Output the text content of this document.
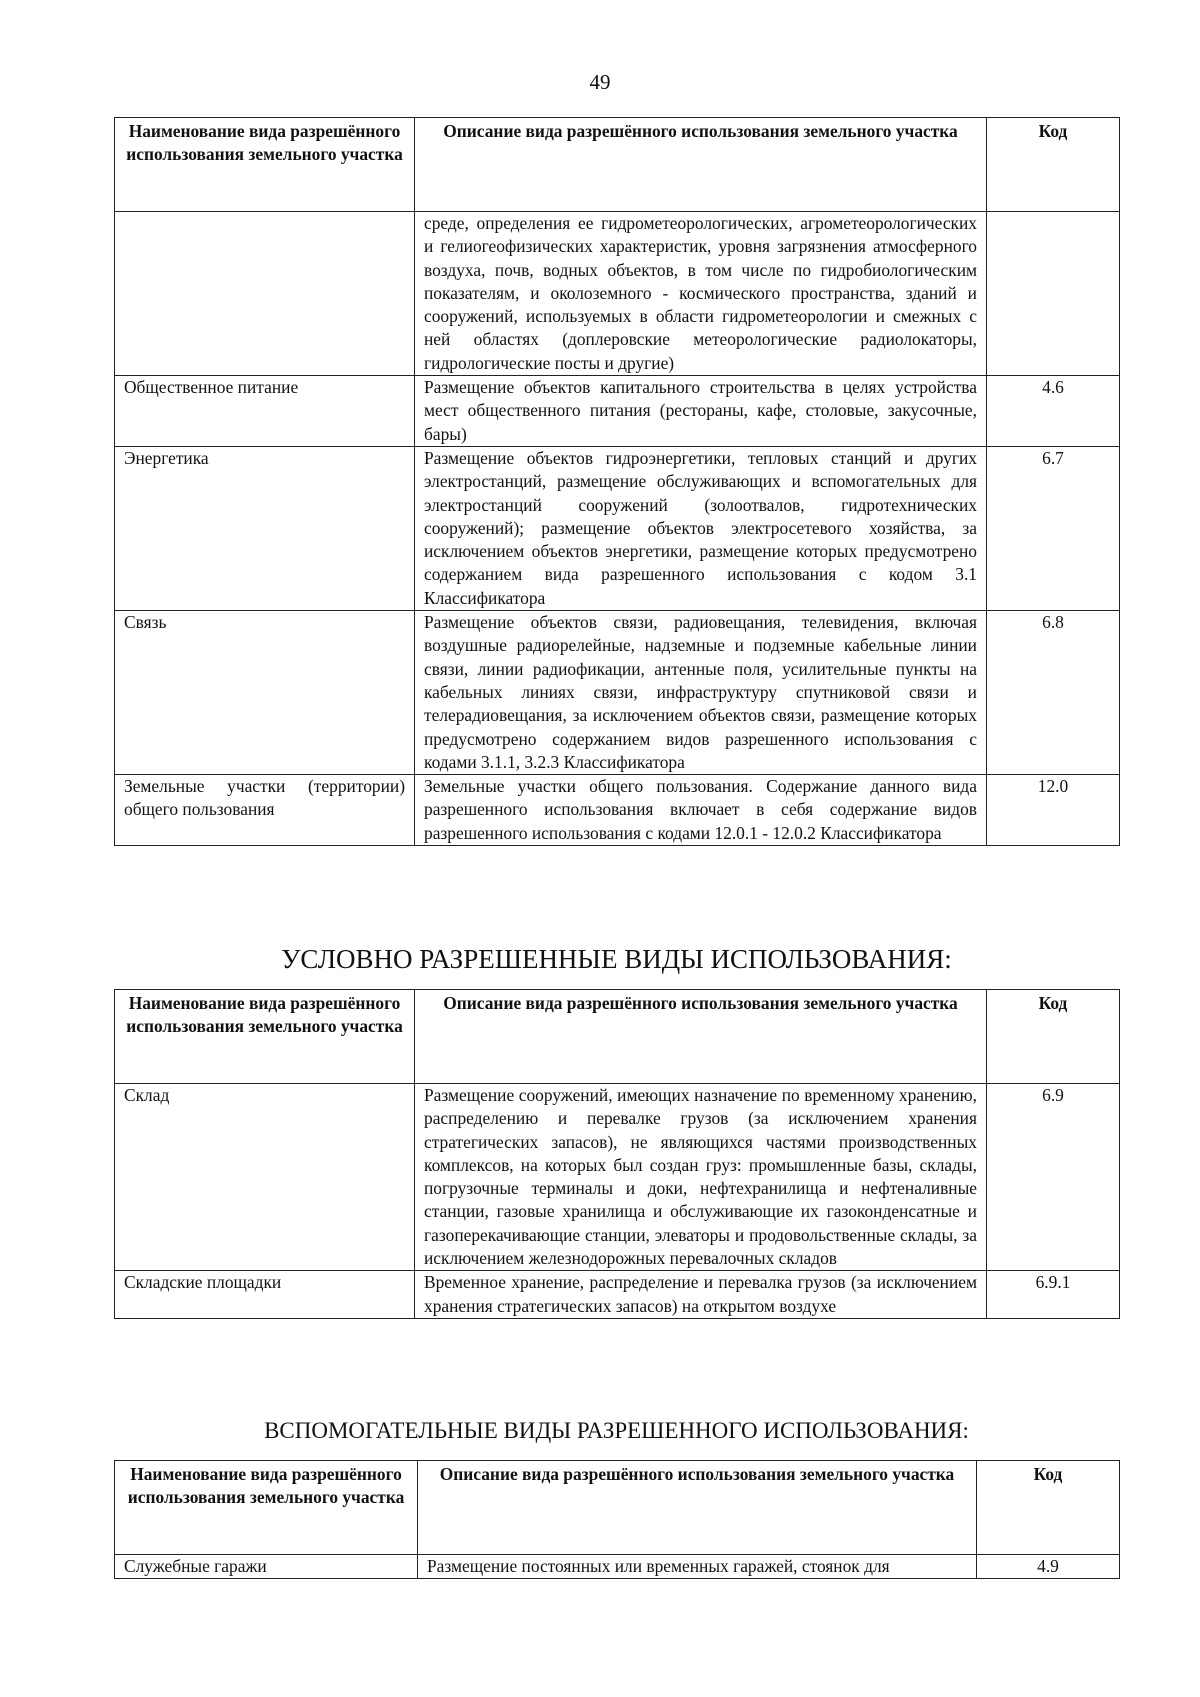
49
Наименование вида разрешённого использования земельного участка	Описание вида разрешённого использования земельного участка	Код
	среде, определения ее гидрометеорологических, агрометеорологических и гелиогеофизических характеристик, уровня загрязнения атмосферного воздуха, почв, водных объектов, в том числе по гидробиологическим показателям, и околоземного - космического пространства, зданий и сооружений, используемых в области гидрометеорологии и смежных с ней областях (доплеровские метеорологические радиолокаторы, гидрологические посты и другие)	
Общественное питание	Размещение объектов капитального строительства в целях устройства мест общественного питания (рестораны, кафе, столовые, закусочные, бары)	4.6
Энергетика	Размещение объектов гидроэнергетики, тепловых станций и других электростанций, размещение обслуживающих и вспомогательных для электростанций сооружений (золоотвалов, гидротехнических сооружений); размещение объектов электросетевого хозяйства, за исключением объектов энергетики, размещение которых предусмотрено содержанием вида разрешенного использования с кодом 3.1 Классификатора	6.7
Связь	Размещение объектов связи, радиовещания, телевидения, включая воздушные радиорелейные, надземные и подземные кабельные линии связи, линии радиофикации, антенные поля, усилительные пункты на кабельных линиях связи, инфраструктуру спутниковой связи и телерадиовещания, за исключением объектов связи, размещение которых предусмотрено содержанием видов разрешенного использования с кодами 3.1.1, 3.2.3 Классификатора	6.8
Земельные участки (территории) общего пользования	Земельные участки общего пользования. Содержание данного вида разрешенного использования включает в себя содержание видов разрешенного использования с кодами 12.0.1 - 12.0.2 Классификатора	12.0
УСЛОВНО РАЗРЕШЕННЫЕ ВИДЫ ИСПОЛЬЗОВАНИЯ:
Наименование вида разрешённого использования земельного участка	Описание вида разрешённого использования земельного участка	Код
Склад	Размещение сооружений, имеющих назначение по временному хранению, распределению и перевалке грузов (за исключением хранения стратегических запасов), не являющихся частями производственных комплексов, на которых был создан груз: промышленные базы, склады, погрузочные терминалы и доки, нефтехранилища и нефтеналивные станции, газовые хранилища и обслуживающие их газоконденсатные и газоперекачивающие станции, элеваторы и продовольственные склады, за исключением железнодорожных перевалочных складов	6.9
Складские площадки	Временное хранение, распределение и перевалка грузов (за исключением хранения стратегических запасов) на открытом воздухе	6.9.1
ВСПОМОГАТЕЛЬНЫЕ ВИДЫ РАЗРЕШЕННОГО ИСПОЛЬЗОВАНИЯ:
Наименование вида разрешённого использования земельного участка	Описание вида разрешённого использования земельного участка	Код
Служебные гаражи	Размещение постоянных или временных гаражей, стоянок для	4.9
